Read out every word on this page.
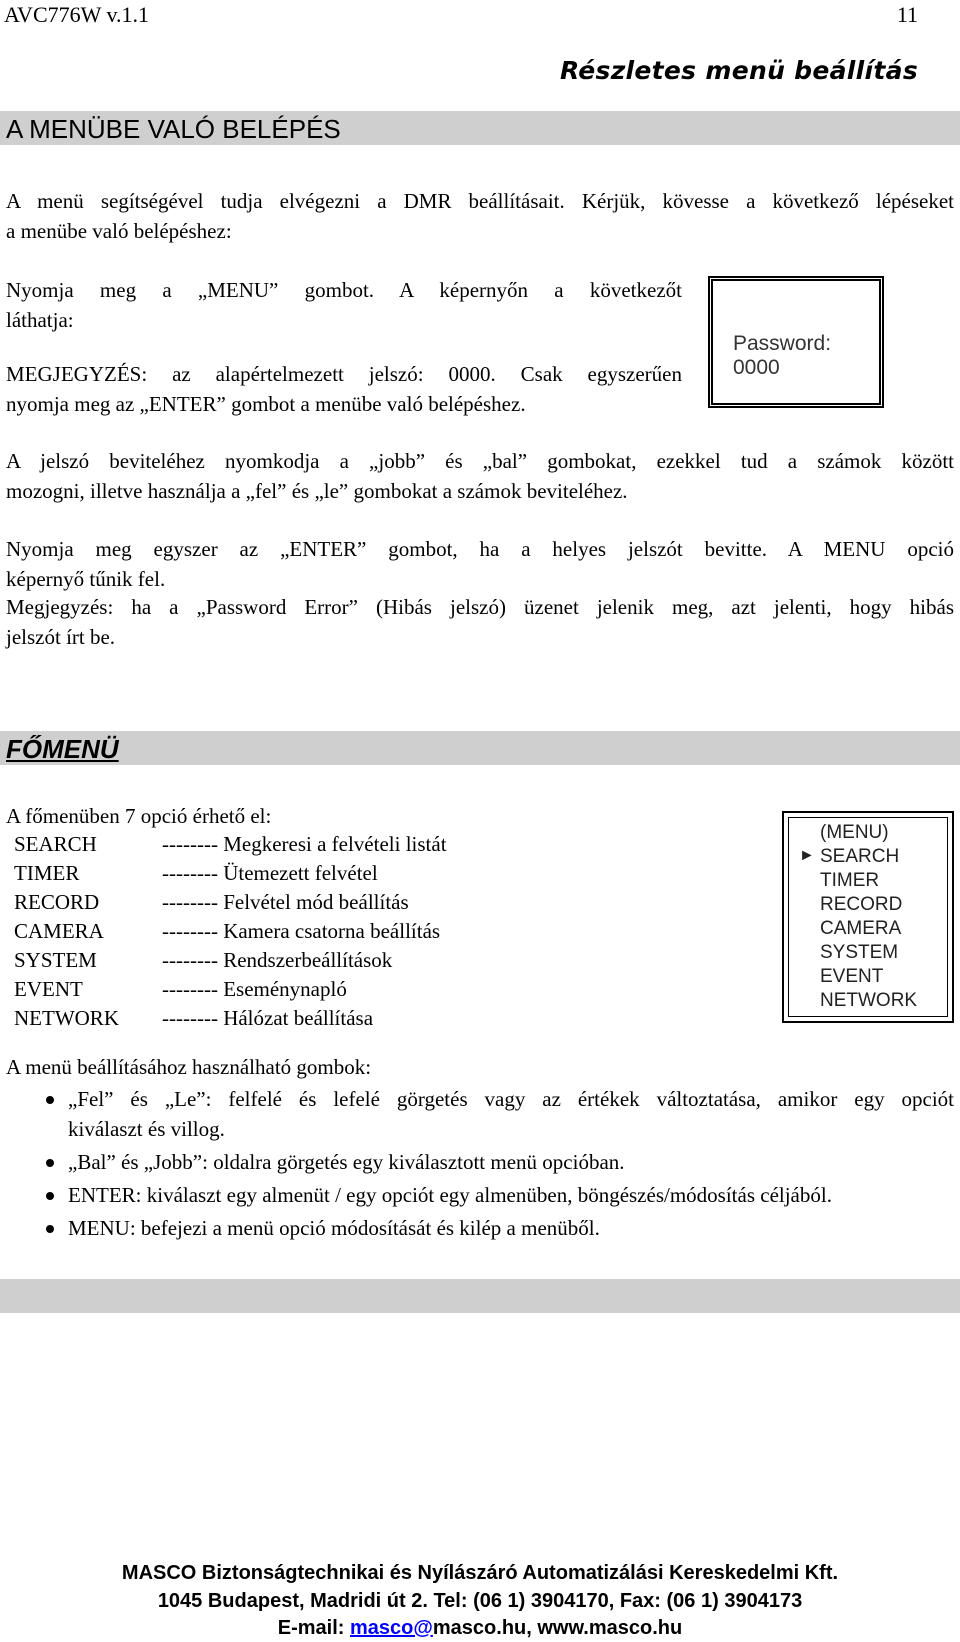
AVC776W v.1.1	11
Részletes menü beállítás
A MENÜBE VALÓ BELÉPÉS
A menü segítségével tudja elvégezni a DMR beállításait. Kérjük, kövesse a következő lépéseket
a menübe való belépéshez:
Nyomja meg a „MENU” gombot. A képernyőn a következőt
láthatja:
MEGJEGYZÉS: az alapértelmezett jelszó: 0000. Csak egyszerűen
nyomja meg az „ENTER” gombot a menübe való belépéshez.
Password: 0000
A jelszó beviteléhez nyomkodja a „jobb” és „bal” gombokat, ezekkel tud a számok között
mozogni, illetve használja a „fel” és „le” gombokat a számok beviteléhez.
Nyomja meg egyszer az „ENTER” gombot, ha a helyes jelszót bevitte. A MENU opció
képernyő tűnik fel.
Megjegyzés: ha a „Password Error” (Hibás jelszó) üzenet jelenik meg, azt jelenti, hogy hibás
jelszót írt be.
FŐMENÜ
A főmenüben 7 opció érhető el:
SEARCH	-------- Megkeresi a felvételi listát
TIMER	-------- Ütemezett felvétel
RECORD	-------- Felvétel mód beállítás
CAMERA	-------- Kamera csatorna beállítás
SYSTEM	-------- Rendszerbeállítások
EVENT	-------- Eseménynapló
NETWORK	-------- Hálózat beállítása
(MENU)
► SEARCH
TIMER
RECORD
CAMERA
SYSTEM
EVENT
NETWORK
A menü beállításához használható gombok:
„Fel” és „Le”: felfelé és lefelé görgetés vagy az értékek változtatása, amikor egy opciót
kiválaszt és villog.
„Bal” és „Jobb”: oldalra görgetés egy kiválasztott menü opcióban.
ENTER: kiválaszt egy almenüt / egy opciót egy almenüben, böngészés/módosítás céljából.
MENU: befejezi a menü opció módosítását és kilép a menüből.
MASCO Biztonságtechnikai és Nyílászáró Automatizálási Kereskedelmi Kft.
1045 Budapest, Madridi út 2. Tel: (06 1) 3904170, Fax: (06 1) 3904173
E-mail: masco@masco.hu, www.masco.hu
